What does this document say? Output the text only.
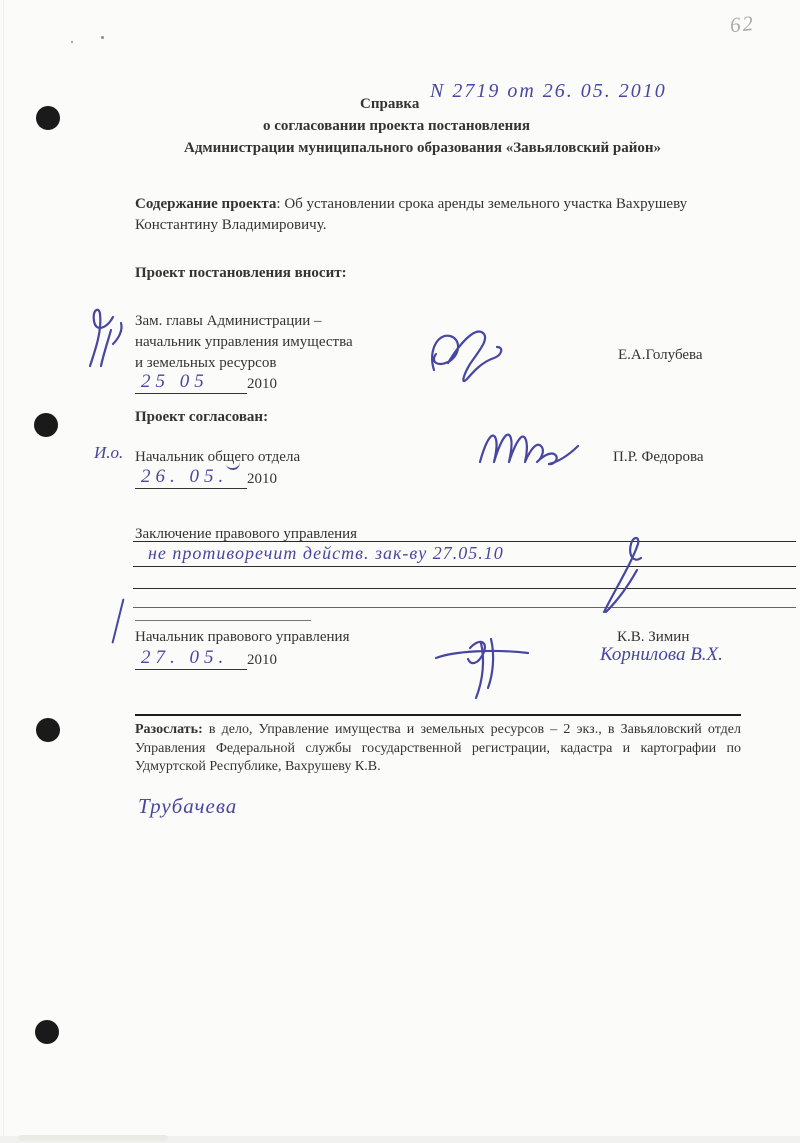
62
Справка
N 2719 от 26. 05. 2010
о согласовании проекта постановления
Администрации муниципального образования «Завьяловский район»
Содержание проекта: Об установлении срока аренды земельного участка Вахрушеву Константину Владимировичу.
Проект постановления вносит:
Зам. главы Администрации –
начальник управления имущества
и земельных ресурсов
25 05	2010
Е.А.Голубева
Проект согласован:
И.о. Начальник общего отдела	П.Р. Федорова
26. 05. 2010
Заключение правового управления
не противоречит действ. зак-ву 27.05.10
Начальник правового управления	К.В. Зимин
Корнилова В.Х.
27. 05. 2010
Разослать: в дело, Управление имущества и земельных ресурсов – 2 экз., в Завьяловский отдел Управления Федеральной службы государственной регистрации, кадастра и картографии по Удмуртской Республике, Вахрушеву К.В.
Трубачева
